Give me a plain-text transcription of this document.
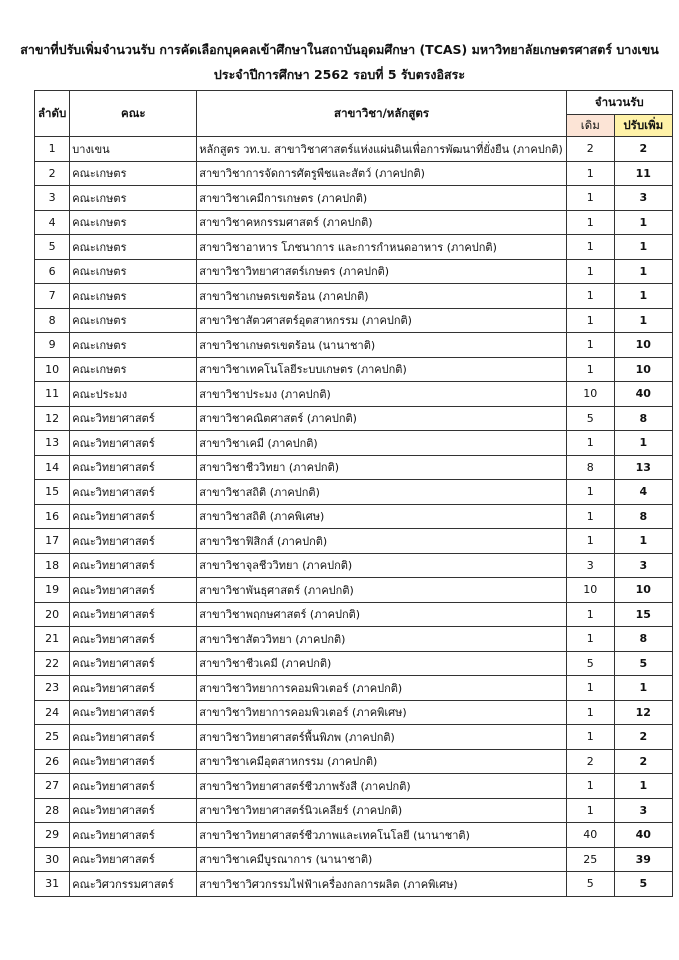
สาขาที่ปรับเพิ่มจำนวนรับ การคัดเลือกบุคคลเข้าศึกษาในสถาบันอุดมศึกษา (TCAS) มหาวิทยาลัยเกษตรศาสตร์ บางเขน
ประจำปีการศึกษา 2562 รอบที่ 5 รับตรงอิสระ
ลำดับ	คณะ	สาขาวิชา/หลักสูตร	จำนวนรับ	
			เดิม	ปรับเพิ่ม
1	บางเขน	หลักสูตร วท.บ. สาขาวิชาศาสตร์แห่งแผ่นดินเพื่อการพัฒนาที่ยั่งยืน (ภาคปกติ)	2	2
2	คณะเกษตร	สาขาวิชาการจัดการศัตรูพืชและสัตว์ (ภาคปกติ)	1	11
3	คณะเกษตร	สาขาวิชาเคมีการเกษตร (ภาคปกติ)	1	3
4	คณะเกษตร	สาขาวิชาคหกรรมศาสตร์ (ภาคปกติ)	1	1
5	คณะเกษตร	สาขาวิชาอาหาร โภชนาการ และการกำหนดอาหาร (ภาคปกติ)	1	1
6	คณะเกษตร	สาขาวิชาวิทยาศาสตร์เกษตร (ภาคปกติ)	1	1
7	คณะเกษตร	สาขาวิชาเกษตรเขตร้อน (ภาคปกติ)	1	1
8	คณะเกษตร	สาขาวิชาสัตวศาสตร์อุตสาหกรรม (ภาคปกติ)	1	1
9	คณะเกษตร	สาขาวิชาเกษตรเขตร้อน (นานาชาติ)	1	10
10	คณะเกษตร	สาขาวิชาเทคโนโลยีระบบเกษตร (ภาคปกติ)	1	10
11	คณะประมง	สาขาวิชาประมง (ภาคปกติ)	10	40
12	คณะวิทยาศาสตร์	สาขาวิชาคณิตศาสตร์ (ภาคปกติ)	5	8
13	คณะวิทยาศาสตร์	สาขาวิชาเคมี (ภาคปกติ)	1	1
14	คณะวิทยาศาสตร์	สาขาวิชาชีววิทยา (ภาคปกติ)	8	13
15	คณะวิทยาศาสตร์	สาขาวิชาสถิติ (ภาคปกติ)	1	4
16	คณะวิทยาศาสตร์	สาขาวิชาสถิติ (ภาคพิเศษ)	1	8
17	คณะวิทยาศาสตร์	สาขาวิชาฟิสิกส์ (ภาคปกติ)	1	1
18	คณะวิทยาศาสตร์	สาขาวิชาจุลชีววิทยา (ภาคปกติ)	3	3
19	คณะวิทยาศาสตร์	สาขาวิชาพันธุศาสตร์ (ภาคปกติ)	10	10
20	คณะวิทยาศาสตร์	สาขาวิชาพฤกษศาสตร์ (ภาคปกติ)	1	15
21	คณะวิทยาศาสตร์	สาขาวิชาสัตววิทยา (ภาคปกติ)	1	8
22	คณะวิทยาศาสตร์	สาขาวิชาชีวเคมี (ภาคปกติ)	5	5
23	คณะวิทยาศาสตร์	สาขาวิชาวิทยาการคอมพิวเตอร์ (ภาคปกติ)	1	1
24	คณะวิทยาศาสตร์	สาขาวิชาวิทยาการคอมพิวเตอร์ (ภาคพิเศษ)	1	12
25	คณะวิทยาศาสตร์	สาขาวิชาวิทยาศาสตร์พื้นพิภพ (ภาคปกติ)	1	2
26	คณะวิทยาศาสตร์	สาขาวิชาเคมีอุตสาหกรรม (ภาคปกติ)	2	2
27	คณะวิทยาศาสตร์	สาขาวิชาวิทยาศาสตร์ชีวภาพรังสี (ภาคปกติ)	1	1
28	คณะวิทยาศาสตร์	สาขาวิชาวิทยาศาสตร์นิวเคลียร์ (ภาคปกติ)	1	3
29	คณะวิทยาศาสตร์	สาขาวิชาวิทยาศาสตร์ชีวภาพและเทคโนโลยี (นานาชาติ)	40	40
30	คณะวิทยาศาสตร์	สาขาวิชาเคมีบูรณาการ (นานาชาติ)	25	39
31	คณะวิศวกรรมศาสตร์	สาขาวิชาวิศวกรรมไฟฟ้าเครื่องกลการผลิต (ภาคพิเศษ)	5	5
